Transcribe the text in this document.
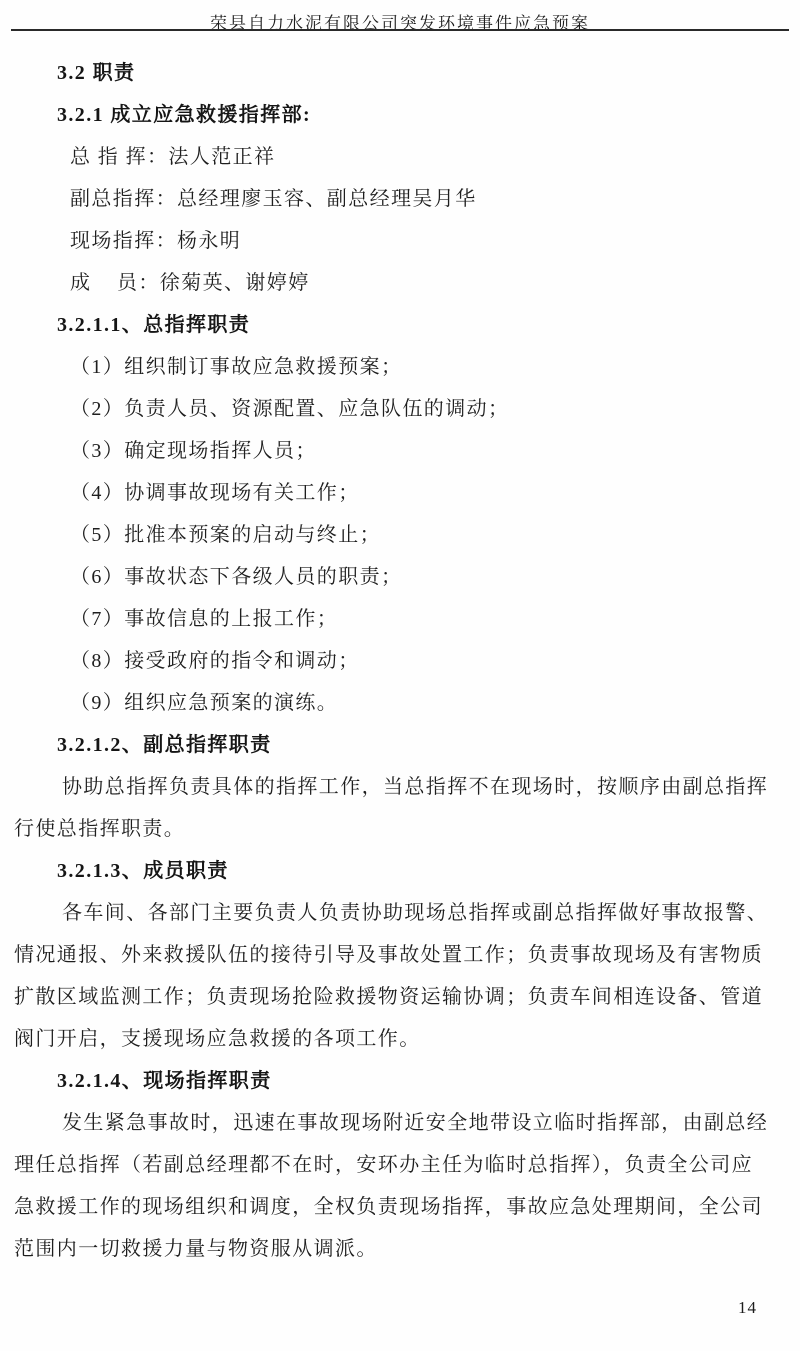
荣县自力水泥有限公司突发环境事件应急预案
3.2 职责
3.2.1 成立应急救援指挥部:
总 指 挥：法人范正祥
副总指挥：总经理廖玉容、副总经理吴月华
现场指挥：杨永明
成    员：徐菊英、谢婷婷
3.2.1.1、总指挥职责
（1）组织制订事故应急救援预案；
（2）负责人员、资源配置、应急队伍的调动；
（3）确定现场指挥人员；
（4）协调事故现场有关工作；
（5）批准本预案的启动与终止；
（6）事故状态下各级人员的职责；
（7）事故信息的上报工作；
（8）接受政府的指令和调动；
（9）组织应急预案的演练。
3.2.1.2、副总指挥职责
协助总指挥负责具体的指挥工作，当总指挥不在现场时，按顺序由副总指挥
行使总指挥职责。
3.2.1.3、成员职责
各车间、各部门主要负责人负责协助现场总指挥或副总指挥做好事故报警、
情况通报、外来救援队伍的接待引导及事故处置工作；负责事故现场及有害物质
扩散区域监测工作；负责现场抢险救援物资运输协调；负责车间相连设备、管道
阀门开启，支援现场应急救援的各项工作。
3.2.1.4、现场指挥职责
发生紧急事故时，迅速在事故现场附近安全地带设立临时指挥部，由副总经
理任总指挥（若副总经理都不在时，安环办主任为临时总指挥），负责全公司应
急救援工作的现场组织和调度，全权负责现场指挥，事故应急处理期间，全公司
范围内一切救援力量与物资服从调派。
14
